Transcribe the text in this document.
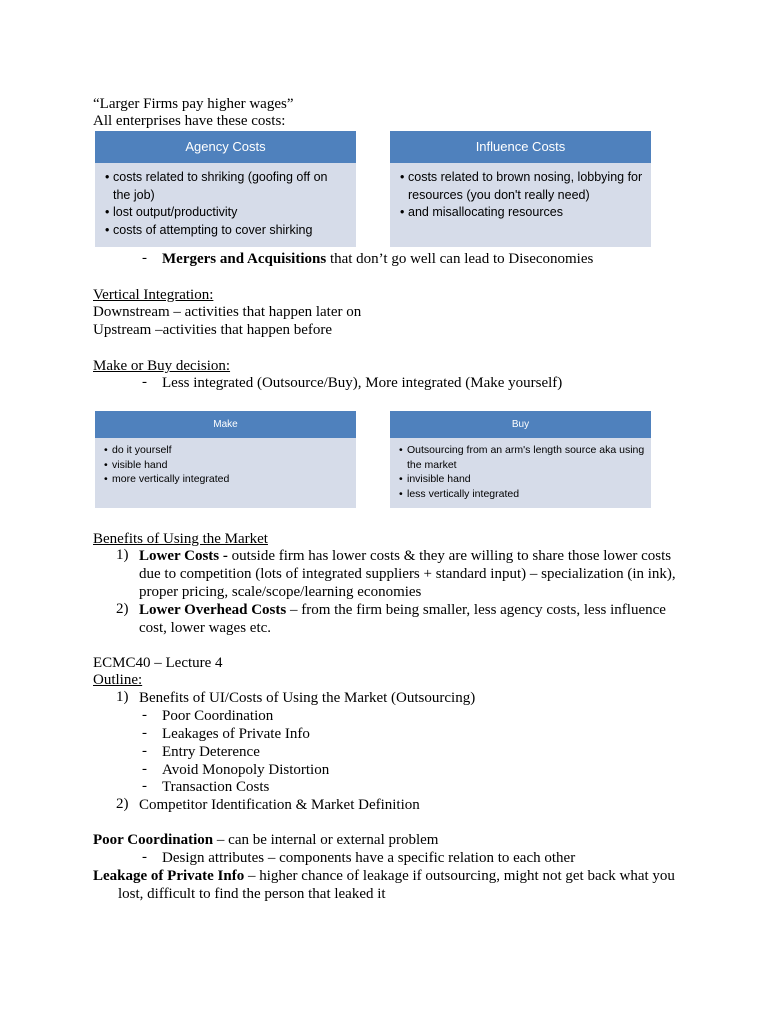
“Larger Firms pay higher wages”
All enterprises have these costs:
Agency Costs
• costs related to shriking (goofing off on the job)
• lost output/productivity
• costs of attempting to cover shirking
Influence Costs
• costs related to brown nosing, lobbying for resources (you don't really need)
• and misallocating resources
- Mergers and Acquisitions that don’t go well can lead to Diseconomies
Vertical Integration:
Downstream – activities that happen later on
Upstream –activities that happen before
Make or Buy decision:
- Less integrated (Outsource/Buy), More integrated (Make yourself)
Make
• do it yourself
• visible hand
• more vertically integrated
Buy
• Outsourcing from an arm's length source aka using the market
• invisible hand
• less vertically integrated
Benefits of Using the Market
1) Lower Costs - outside firm has lower costs & they are willing to share those lower costs
due to competition (lots of integrated suppliers + standard input) – specialization (in ink),
proper pricing, scale/scope/learning economies
2) Lower Overhead Costs – from the firm being smaller, less agency costs, less influence
cost, lower wages etc.
ECMC40 – Lecture 4
Outline:
1) Benefits of UI/Costs of Using the Market (Outsourcing)
- Poor Coordination
- Leakages of Private Info
- Entry Deterence
- Avoid Monopoly Distortion
- Transaction Costs
2) Competitor Identification & Market Definition
Poor Coordination – can be internal or external problem
- Design attributes – components have a specific relation to each other
Leakage of Private Info – higher chance of leakage if outsourcing, might not get back what you
lost, difficult to find the person that leaked it
